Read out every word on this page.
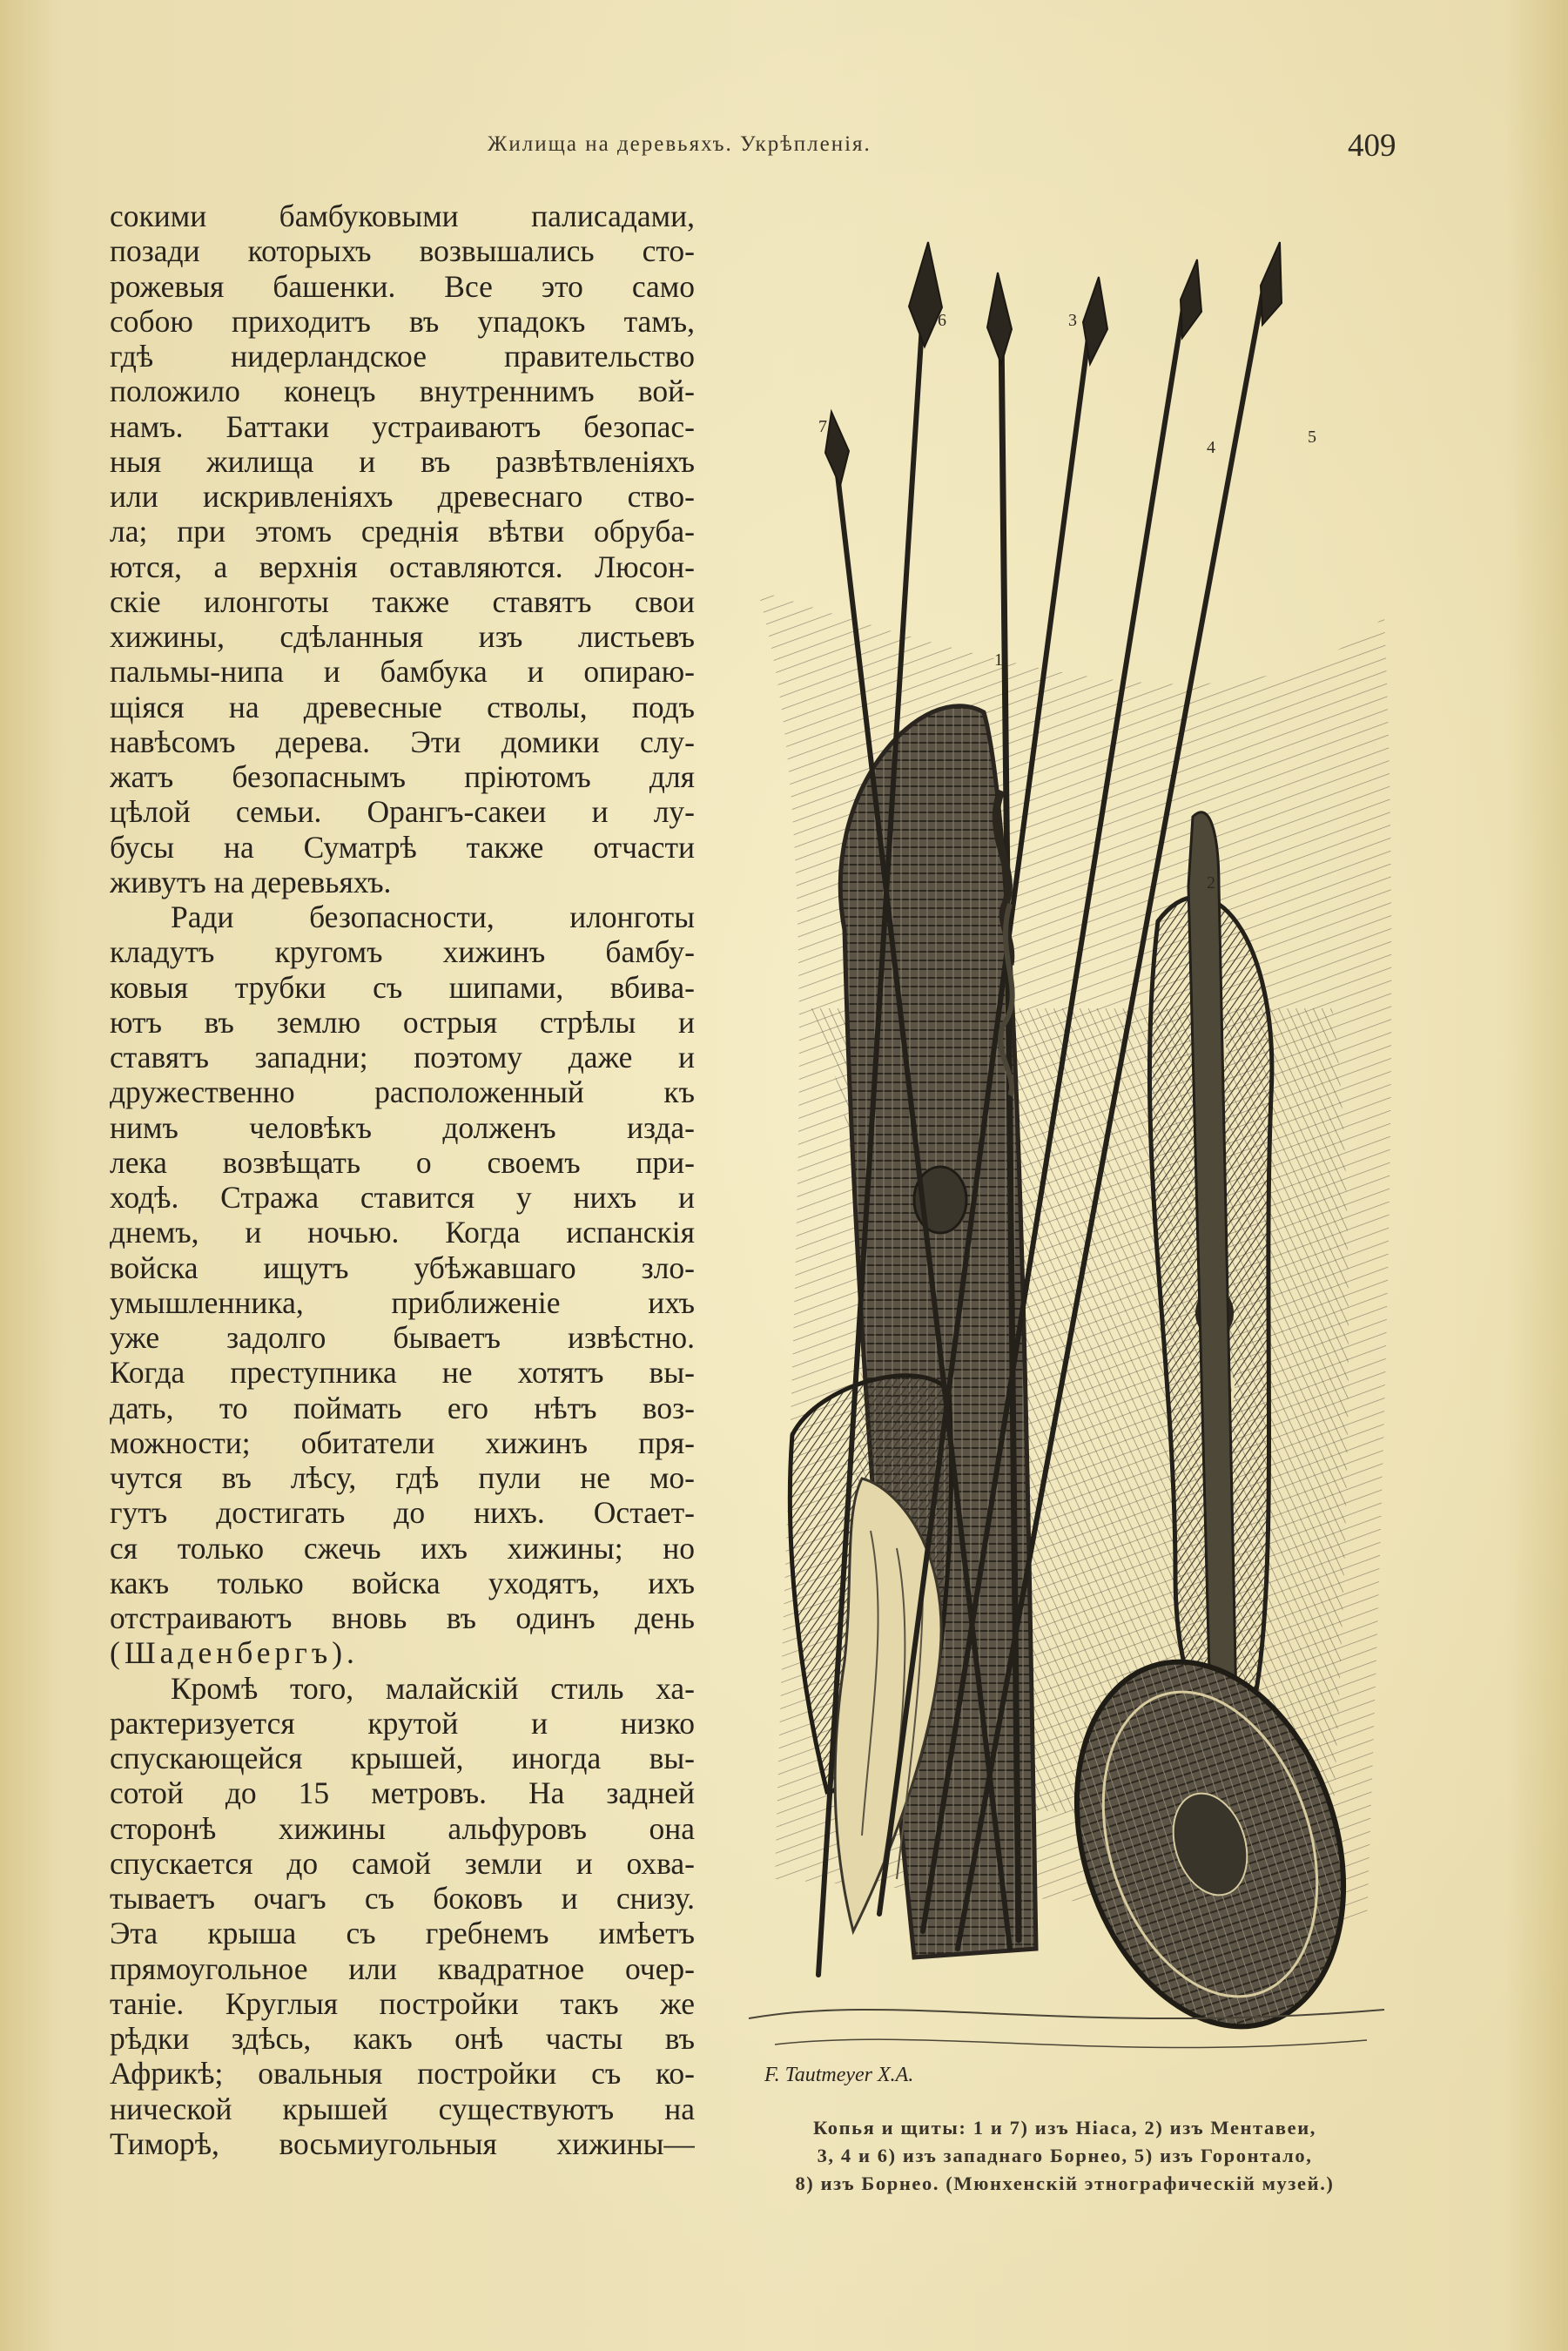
Жилища на деревьяхъ. Укрѣпленія.	409
сокими бамбуковыми палисадами,
позади которыхъ возвышались сто-
рожевыя башенки. Все это само
собою приходитъ въ упадокъ тамъ,
гдѣ нидерландское правительство
положило конецъ внутреннимъ вой-
намъ. Баттаки устраиваютъ безопас-
ныя жилища и въ развѣтвленіяхъ
или искривленіяхъ древеснаго ство-
ла; при этомъ среднія вѣтви обруба-
ются, а верхнія оставляются. Люсон-
скіе илонготы также ставятъ свои
хижины, сдѣланныя изъ листьевъ
пальмы-нипа и бамбука и опираю-
щіяся на древесные стволы, подъ
навѣсомъ дерева. Эти домики слу-
жатъ безопаснымъ пріютомъ для
цѣлой семьи. Орангъ-сакеи и лу-
бусы на Суматрѣ также отчасти
живутъ на деревьяхъ.
Ради безопасности, илонготы
кладутъ кругомъ хижинъ бамбу-
ковыя трубки съ шипами, вбива-
ютъ въ землю острыя стрѣлы и
ставятъ западни; поэтому даже и
дружественно расположенный къ
нимъ человѣкъ долженъ изда-
лека возвѣщать о своемъ при-
ходѣ. Стража ставится у нихъ и
днемъ, и ночью. Когда испанскія
войска ищутъ убѣжавшаго зло-
умышленника, приближеніе ихъ
уже задолго бываетъ извѣстно.
Когда преступника не хотятъ вы-
дать, то поймать его нѣтъ воз-
можности; обитатели хижинъ пря-
чутся въ лѣсу, гдѣ пули не мо-
гутъ достигать до нихъ. Остает-
ся только сжечь ихъ хижины; но
какъ только войска уходятъ, ихъ
отстраиваютъ вновь въ одинъ день
(Шаденбергъ).
Кромѣ того, малайскій стиль ха-
рактеризуется крутой и низко
спускающейся крышей, иногда вы-
сотой до 15 метровъ. На задней
сторонѣ хижины альфуровъ она
спускается до самой земли и охва-
тываетъ очагъ съ боковъ и снизу.
Эта крыша съ гребнемъ имѣетъ
прямоугольное или квадратное очер-
таніе. Круглыя постройки такъ же
рѣдки здѣсь, какъ онѣ часты въ
Африкѣ; овальныя постройки съ ко-
нической крышей существуютъ на
Тиморѣ, восьмиугольныя хижины—
6	3
7
4
5
1
2
F. Tautmeyer X.A.
Копья и щиты: 1 и 7) изъ Ніаса, 2) изъ Ментавеи,
3, 4 и 6) изъ западнаго Борнео, 5) изъ Горонтало,
8) изъ Борнео. (Мюнхенскій этнографическій музей.)
